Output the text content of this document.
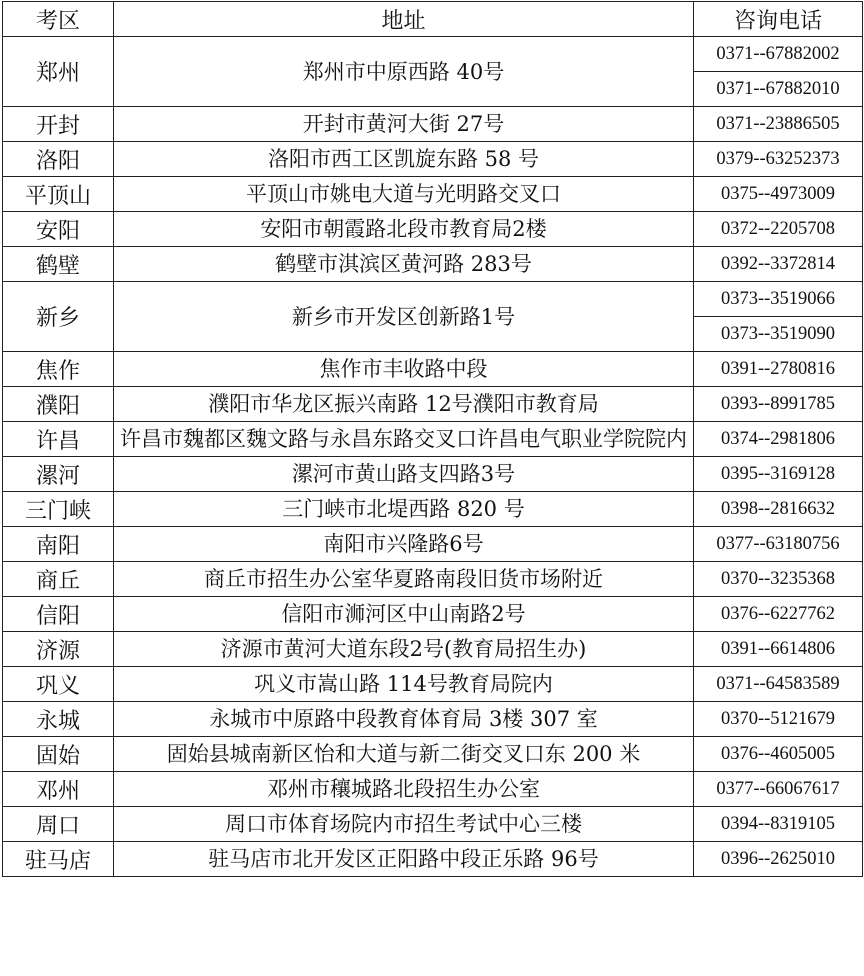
考区	地址	咨询电话
郑州	郑州市中原西路 40号	0371--67882002
		0371--67882010
开封	开封市黄河大街 27号	0371--23886505
洛阳	洛阳市西工区凯旋东路 58 号	0379--63252373
平顶山	平顶山市姚电大道与光明路交叉口	0375--4973009
安阳	安阳市朝霞路北段市教育局2楼	0372--2205708
鹤壁	鹤壁市淇滨区黄河路 283号	0392--3372814
新乡	新乡市开发区创新路1号	0373--3519066
		0373--3519090
焦作	焦作市丰收路中段	0391--2780816
濮阳	濮阳市华龙区振兴南路 12号濮阳市教育局	0393--8991785
许昌	许昌市魏都区魏文路与永昌东路交叉口许昌电气职业学院院内	0374--2981806
漯河	漯河市黄山路支四路3号	0395--3169128
三门峡	三门峡市北堤西路 820 号	0398--2816632
南阳	南阳市兴隆路6号	0377--63180756
商丘	商丘市招生办公室华夏路南段旧货市场附近	0370--3235368
信阳	信阳市浉河区中山南路2号	0376--6227762
济源	济源市黄河大道东段2号(教育局招生办)	0391--6614806
巩义	巩义市嵩山路 114号教育局院内	0371--64583589
永城	永城市中原路中段教育体育局 3楼 307 室	0370--5121679
固始	固始县城南新区怡和大道与新二街交叉口东 200 米	0376--4605005
邓州	邓州市穰城路北段招生办公室	0377--66067617
周口	周口市体育场院内市招生考试中心三楼	0394--8319105
驻马店	驻马店市北开发区正阳路中段正乐路 96号	0396--2625010
